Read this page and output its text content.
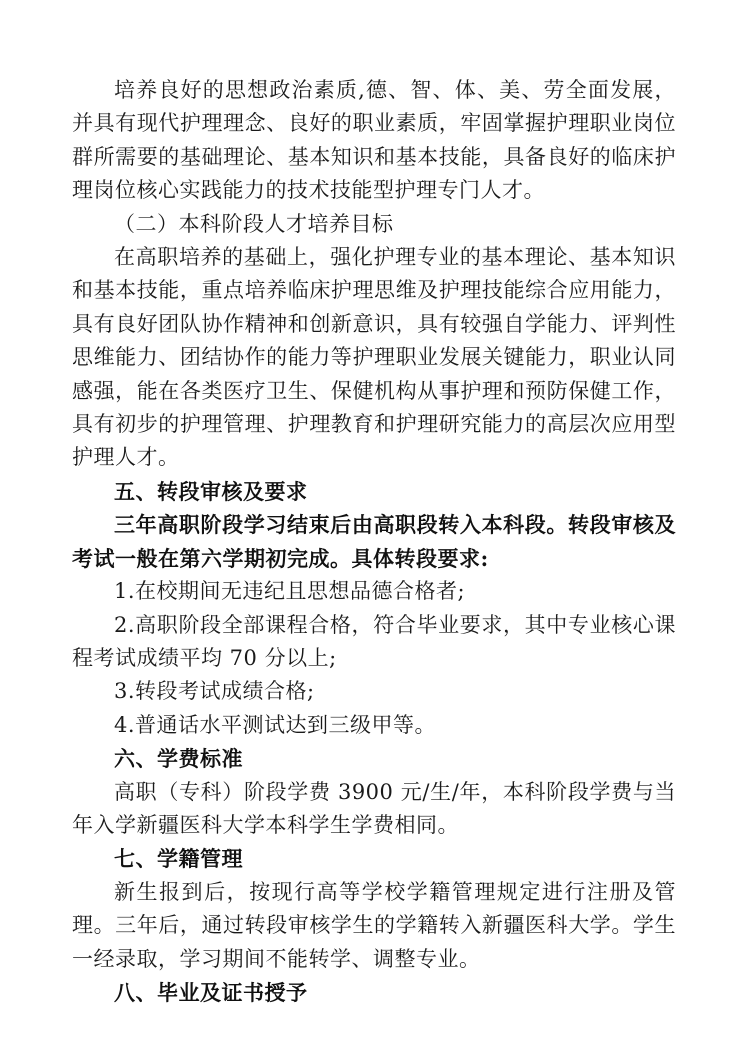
培养良好的思想政治素质,德、智、体、美、劳全面发展，并具有现代护理理念、良好的职业素质，牢固掌握护理职业岗位群所需要的基础理论、基本知识和基本技能，具备良好的临床护理岗位核心实践能力的技术技能型护理专门人才。

（二）本科阶段人才培养目标

在高职培养的基础上，强化护理专业的基本理论、基本知识和基本技能，重点培养临床护理思维及护理技能综合应用能力，具有良好团队协作精神和创新意识，具有较强自学能力、评判性思维能力、团结协作的能力等护理职业发展关键能力，职业认同感强，能在各类医疗卫生、保健机构从事护理和预防保健工作，具有初步的护理管理、护理教育和护理研究能力的高层次应用型护理人才。

五、转段审核及要求

三年高职阶段学习结束后由高职段转入本科段。转段审核及考试一般在第六学期初完成。具体转段要求:

1.在校期间无违纪且思想品德合格者;

2.高职阶段全部课程合格，符合毕业要求，其中专业核心课程考试成绩平均 70 分以上;

3.转段考试成绩合格;

4.普通话水平测试达到三级甲等。

六、学费标准

高职（专科）阶段学费 3900 元/生/年，本科阶段学费与当年入学新疆医科大学本科学生学费相同。

七、学籍管理

新生报到后，按现行高等学校学籍管理规定进行注册及管理。三年后，通过转段审核学生的学籍转入新疆医科大学。学生一经录取，学习期间不能转学、调整专业。

八、毕业及证书授予
